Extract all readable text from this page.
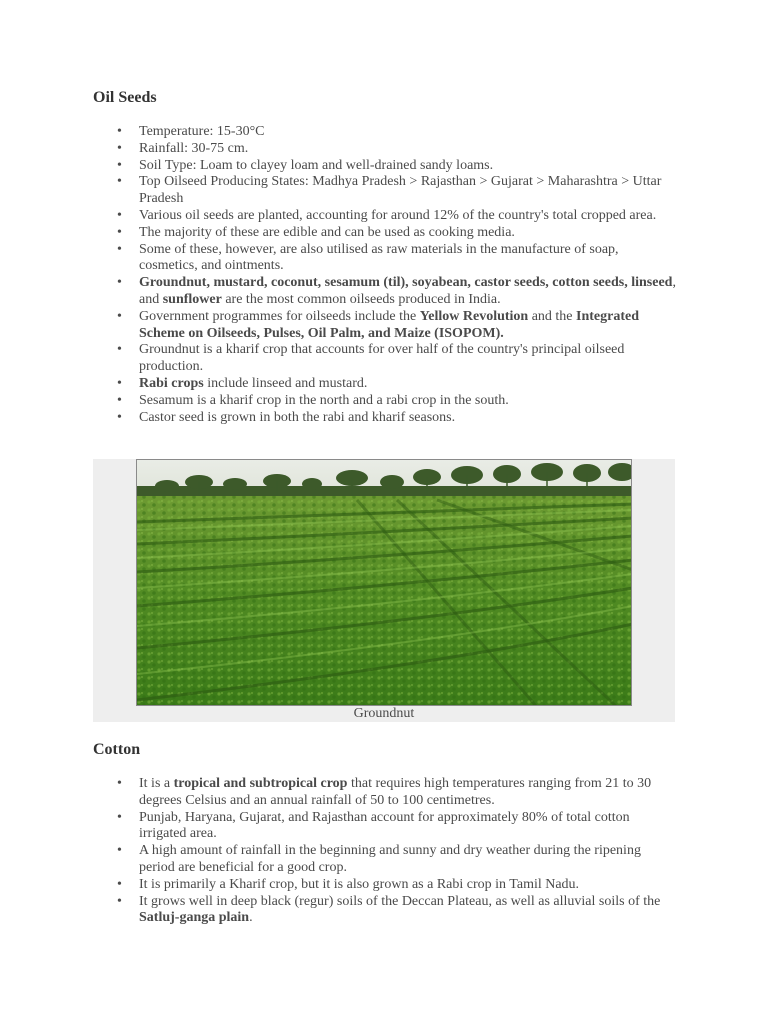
Oil Seeds
• Temperature: 15-30°C
• Rainfall: 30-75 cm.
• Soil Type: Loam to clayey loam and well-drained sandy loams.
• Top Oilseed Producing States: Madhya Pradesh > Rajasthan > Gujarat > Maharashtra > Uttar Pradesh
• Various oil seeds are planted, accounting for around 12% of the country's total cropped area.
• The majority of these are edible and can be used as cooking media.
• Some of these, however, are also utilised as raw materials in the manufacture of soap, cosmetics, and ointments.
• Groundnut, mustard, coconut, sesamum (til), soyabean, castor seeds, cotton seeds, linseed, and sunflower are the most common oilseeds produced in India.
• Government programmes for oilseeds include the Yellow Revolution and the Integrated Scheme on Oilseeds, Pulses, Oil Palm, and Maize (ISOPOM).
• Groundnut is a kharif crop that accounts for over half of the country's principal oilseed production.
• Rabi crops include linseed and mustard.
• Sesamum is a kharif crop in the north and a rabi crop in the south.
• Castor seed is grown in both the rabi and kharif seasons.
Groundnut
Cotton
• It is a tropical and subtropical crop that requires high temperatures ranging from 21 to 30 degrees Celsius and an annual rainfall of 50 to 100 centimetres.
• Punjab, Haryana, Gujarat, and Rajasthan account for approximately 80% of total cotton irrigated area.
• A high amount of rainfall in the beginning and sunny and dry weather during the ripening period are beneficial for a good crop.
• It is primarily a Kharif crop, but it is also grown as a Rabi crop in Tamil Nadu.
• It grows well in deep black (regur) soils of the Deccan Plateau, as well as alluvial soils of the Satluj-ganga plain.
